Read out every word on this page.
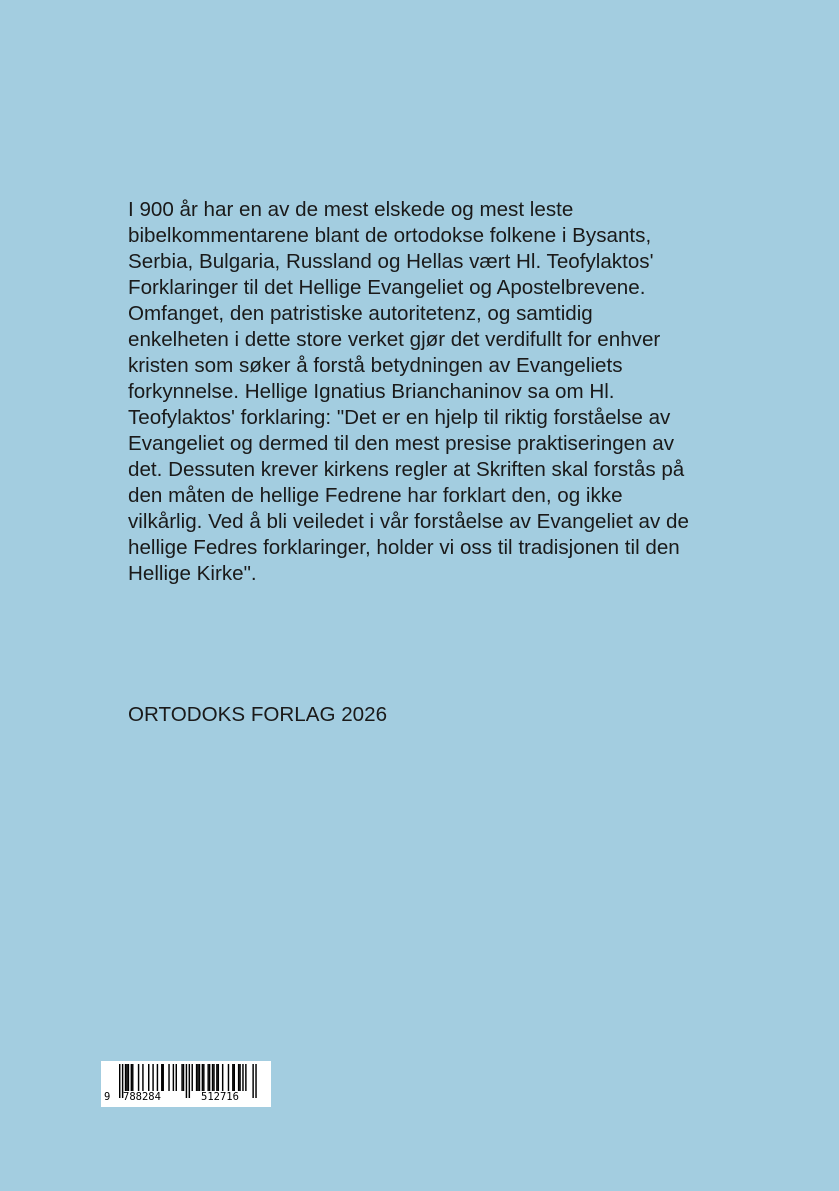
I 900 år har en av de mest elskede og mest leste
bibelkommentarene blant de ortodokse folkene i Bysants,
Serbia, Bulgaria, Russland og Hellas vært Hl. Teofylaktos'
Forklaringer til det Hellige Evangeliet og Apostelbrevene.
Omfanget, den patristiske autoritetenz, og samtidig
enkelheten i dette store verket gjør det verdifullt for enhver
kristen som søker å forstå betydningen av Evangeliets
forkynnelse. Hellige Ignatius Brianchaninov sa om Hl.
Teofylaktos' forklaring: "Det er en hjelp til riktig forståelse av
Evangeliet og dermed til den mest presise praktiseringen av
det. Dessuten krever kirkens regler at Skriften skal forstås på
den måten de hellige Fedrene har forklart den, og ikke
vilkårlig. Ved å bli veiledet i vår forståelse av Evangeliet av de
hellige Fedres forklaringer, holder vi oss til tradisjonen til den
Hellige Kirke".

ORTODOKS FORLAG 2026

9 788284	512716
